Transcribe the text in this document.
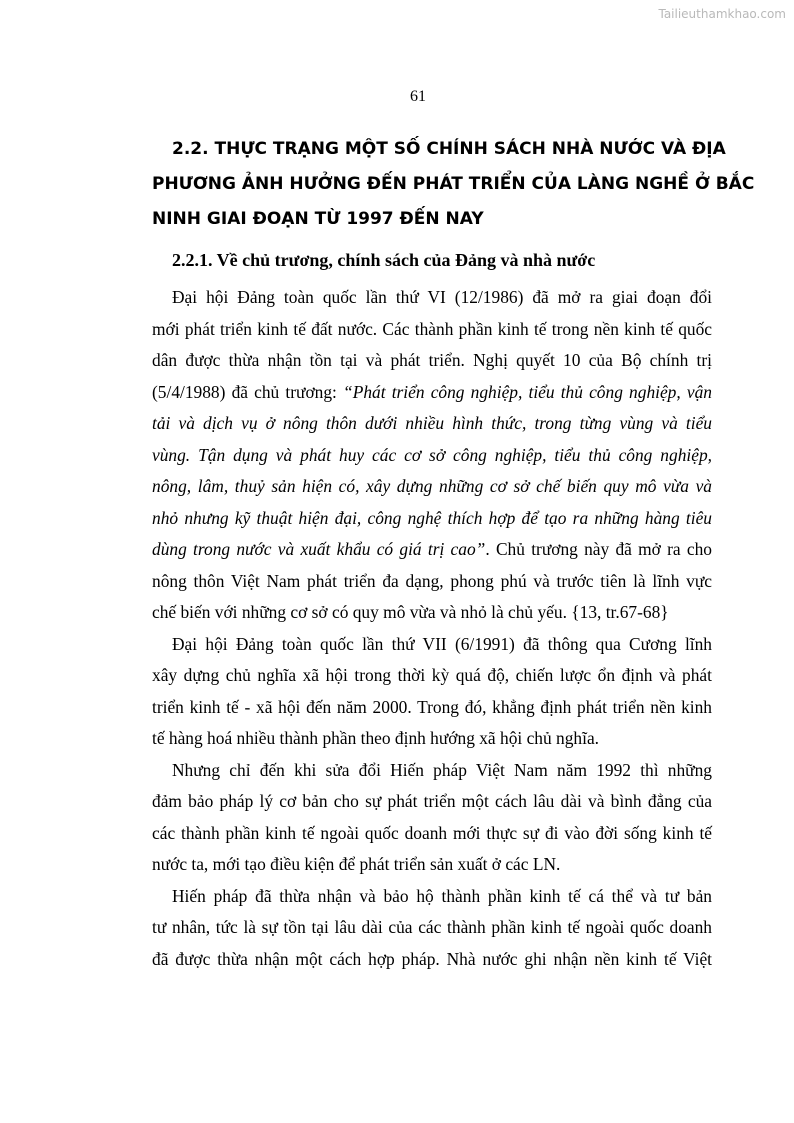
Tailieuthamkhao.com
61
2.2. THỰC TRẠNG MỘT SỐ CHÍNH SÁCH NHÀ NƯỚC VÀ ĐỊA
PHƯƠNG ẢNH HƯỞNG ĐẾN PHÁT TRIỂN CỦA LÀNG NGHỀ Ở BẮC
NINH GIAI ĐOẠN TỪ 1997 ĐẾN NAY
2.2.1. Về chủ trương, chính sách của Đảng và nhà nước
Đại hội Đảng toàn quốc lần thứ VI (12/1986) đã mở ra giai đoạn đổi
mới phát triển kinh tế đất nước. Các thành phần kinh tế trong nền kinh tế quốc
dân được thừa nhận tồn tại và phát triển. Nghị quyết 10 của Bộ chính trị
(5/4/1988) đã chủ trương: “Phát triển công nghiệp, tiểu thủ công nghiệp, vận
tải và dịch vụ ở nông thôn dưới nhiều hình thức, trong từng vùng và tiểu
vùng. Tận dụng và phát huy các cơ sở công nghiệp, tiểu thủ công nghiệp,
nông, lâm, thuỷ sản hiện có, xây dựng những cơ sở chế biến quy mô vừa và
nhỏ nhưng kỹ thuật hiện đại, công nghệ thích hợp để tạo ra những hàng tiêu
dùng trong nước và xuất khẩu có giá trị cao”. Chủ trương này đã mở ra cho
nông thôn Việt Nam phát triển đa dạng, phong phú và trước tiên là lĩnh vực
chế biến với những cơ sở có quy mô vừa và nhỏ là chủ yếu. {13, tr.67-68}
Đại hội Đảng toàn quốc lần thứ VII (6/1991) đã thông qua Cương lĩnh
xây dựng chủ nghĩa xã hội trong thời kỳ quá độ, chiến lược ổn định và phát
triển kinh tế - xã hội đến năm 2000. Trong đó, khẳng định phát triển nền kinh
tế hàng hoá nhiều thành phần theo định hướng xã hội chủ nghĩa.
Nhưng chỉ đến khi sửa đổi Hiến pháp Việt Nam năm 1992 thì những
đảm bảo pháp lý cơ bản cho sự phát triển một cách lâu dài và bình đẳng của
các thành phần kinh tế ngoài quốc doanh mới thực sự đi vào đời sống kinh tế
nước ta, mới tạo điều kiện để phát triển sản xuất ở các LN.
Hiến pháp đã thừa nhận và bảo hộ thành phần kinh tế cá thể và tư bản
tư nhân, tức là sự tồn tại lâu dài của các thành phần kinh tế ngoài quốc doanh
đã được thừa nhận một cách hợp pháp. Nhà nước ghi nhận nền kinh tế Việt
